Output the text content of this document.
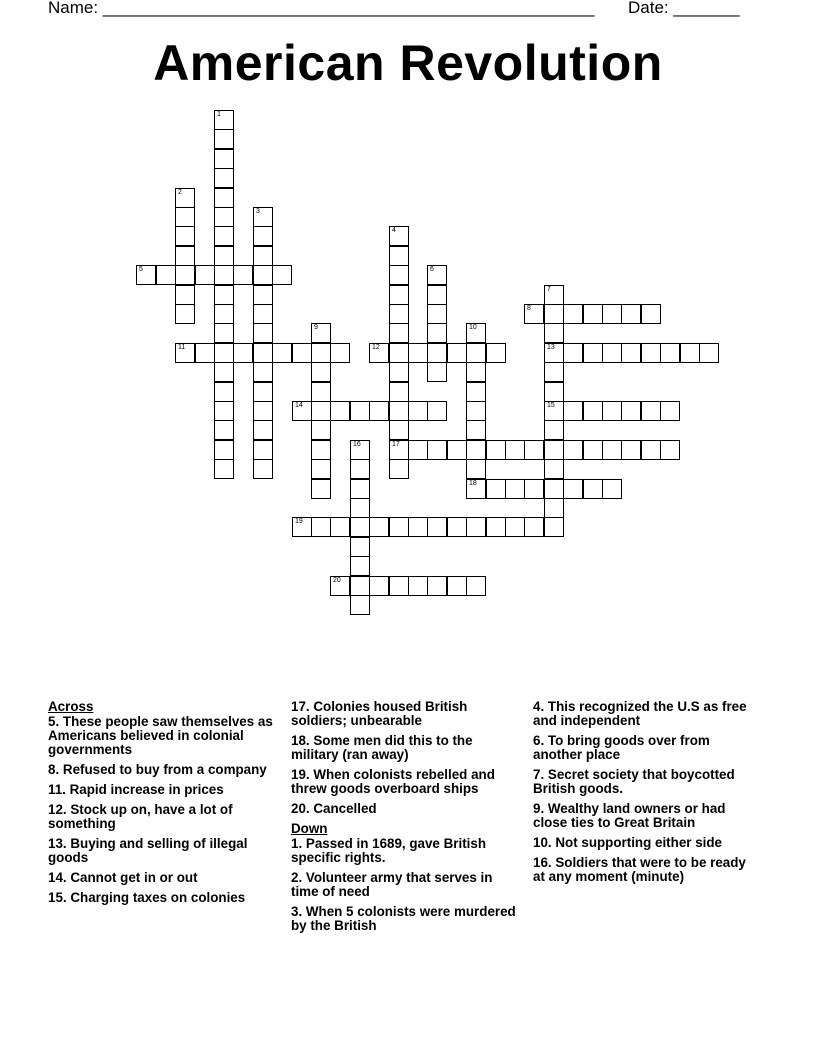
Name: ____________________________________________________ Date: _______
American Revolution
1
2
3
4
17
5	6
7
13
15
8
9	10
11	12
14
16
18
19
20
Across
5. These people saw themselves as Americans believed in colonial governments
8. Refused to buy from a company
11. Rapid increase in prices
12. Stock up on, have a lot of something
13. Buying and selling of illegal goods
14. Cannot get in or out
15. Charging taxes on colonies
17. Colonies housed British soldiers; unbearable
18. Some men did this to the military (ran away)
19. When colonists rebelled and threw goods overboard ships
20. Cancelled
Down
1. Passed in 1689, gave British specific rights.
2. Volunteer army that serves in time of need
3. When 5 colonists were murdered by the British
4. This recognized the U.S as free and independent
6. To bring goods over from another place
7. Secret society that boycotted British goods.
9. Wealthy land owners or had close ties to Great Britain
10. Not supporting either side
16. Soldiers that were to be ready at any moment (minute)
